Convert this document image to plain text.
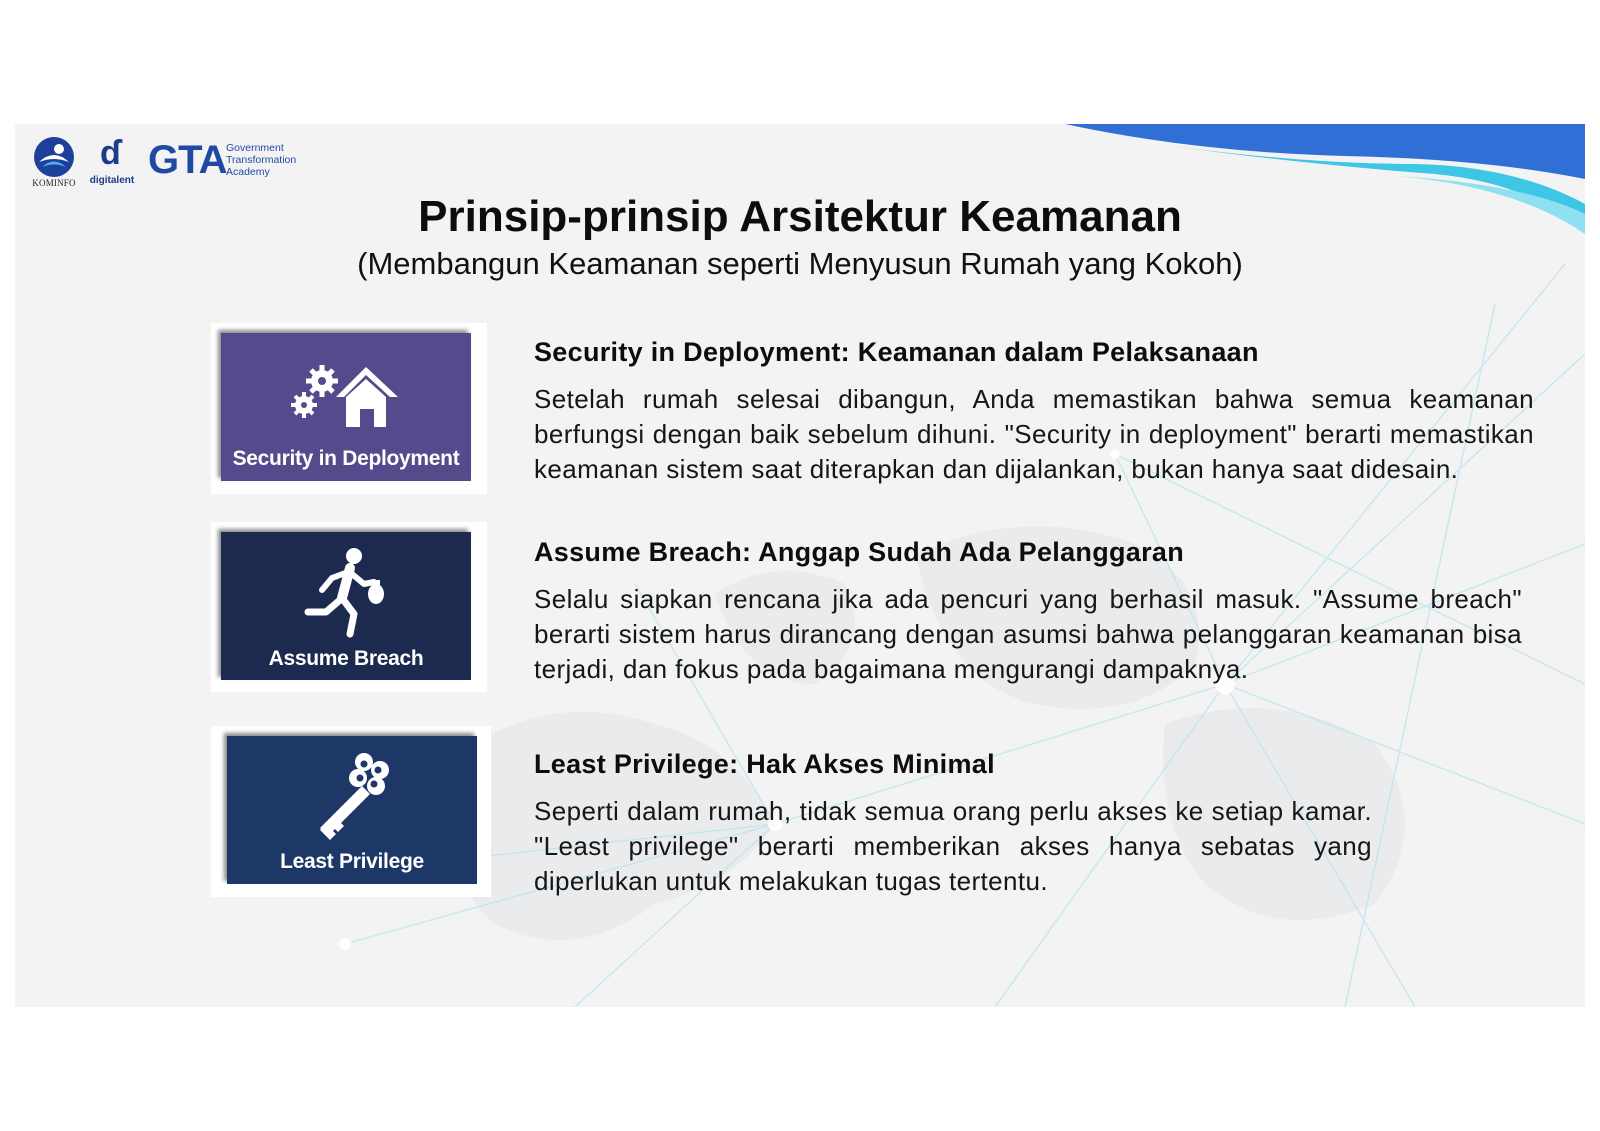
KOMINFO
ɗ
digitalent GTA Government
Transformation
Academy
Prinsip-prinsip Arsitektur Keamanan
(Membangun Keamanan seperti Menyusun Rumah yang Kokoh)
Security in Deployment
Assume Breach
Least Privilege
Security in Deployment: Keamanan dalam Pelaksanaan

Setelah rumah selesai dibangun, Anda memastikan bahwa semua keamanan berfungsi dengan baik sebelum dihuni. "Security in deployment" berarti memastikan keamanan sistem saat diterapkan dan dijalankan, bukan hanya saat didesain.

Assume Breach: Anggap Sudah Ada Pelanggaran

Selalu siapkan rencana jika ada pencuri yang berhasil masuk. "Assume breach" berarti sistem harus dirancang dengan asumsi bahwa pelanggaran keamanan bisa terjadi, dan fokus pada bagaimana mengurangi dampaknya.

Least Privilege: Hak Akses Minimal

Seperti dalam rumah, tidak semua orang perlu akses ke setiap kamar. "Least privilege" berarti memberikan akses hanya sebatas yang diperlukan untuk melakukan tugas tertentu.
